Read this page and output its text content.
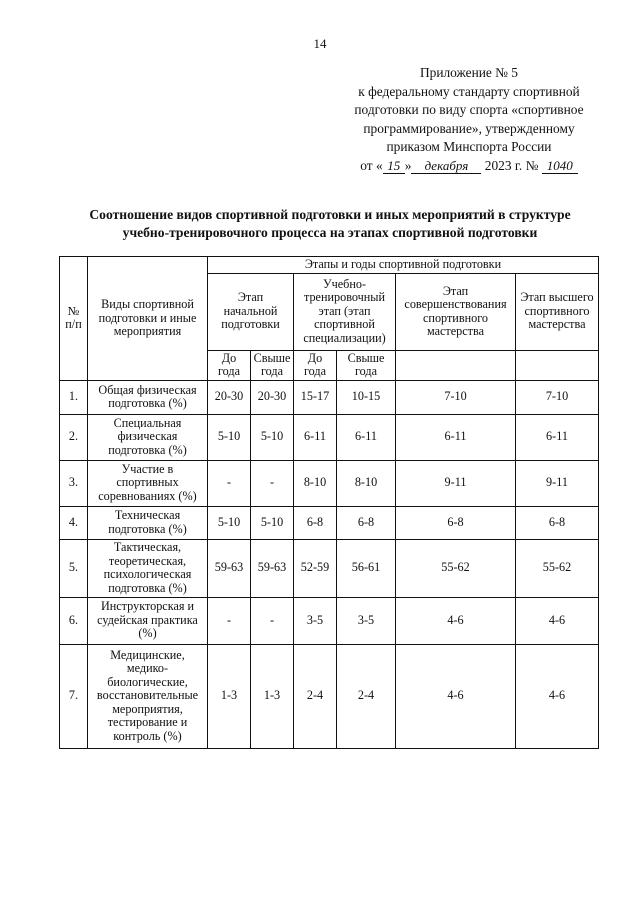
14
Приложение № 5
к федеральному стандарту спортивной
подготовки по виду спорта «спортивное
программирование», утвержденному
приказом Минспорта России
от « 15 » декабря 2023 г. № 1040
Соотношение видов спортивной подготовки и иных мероприятий в структуре
учебно-тренировочного процесса на этапах спортивной подготовки
№ п/п	Виды спортивной подготовки и иные мероприятия	Этапы и годы спортивной подготовки					
		Этап начальной подготовки		Учебно-тренировочный этап (этап спортивной специализации)		Этап совершенствования спортивного мастерства	Этап высшего спортивного мастерства
		До года	Свыше года	До года	Свыше года		
1.	Общая физическая подготовка (%)	20-30	20-30	15-17	10-15	7-10	7-10
2.	Специальная физическая подготовка (%)	5-10	5-10	6-11	6-11	6-11	6-11
3.	Участие в спортивных соревнованиях (%)	-	-	8-10	8-10	9-11	9-11
4.	Техническая подготовка (%)	5-10	5-10	6-8	6-8	6-8	6-8
5.	Тактическая, теоретическая, психологическая подготовка (%)	59-63	59-63	52-59	56-61	55-62	55-62
6.	Инструкторская и судейская практика (%)	-	-	3-5	3-5	4-6	4-6
7.	Медицинские, медико-биологические, восстановительные мероприятия, тестирование и контроль (%)	1-3	1-3	2-4	2-4	4-6	4-6
